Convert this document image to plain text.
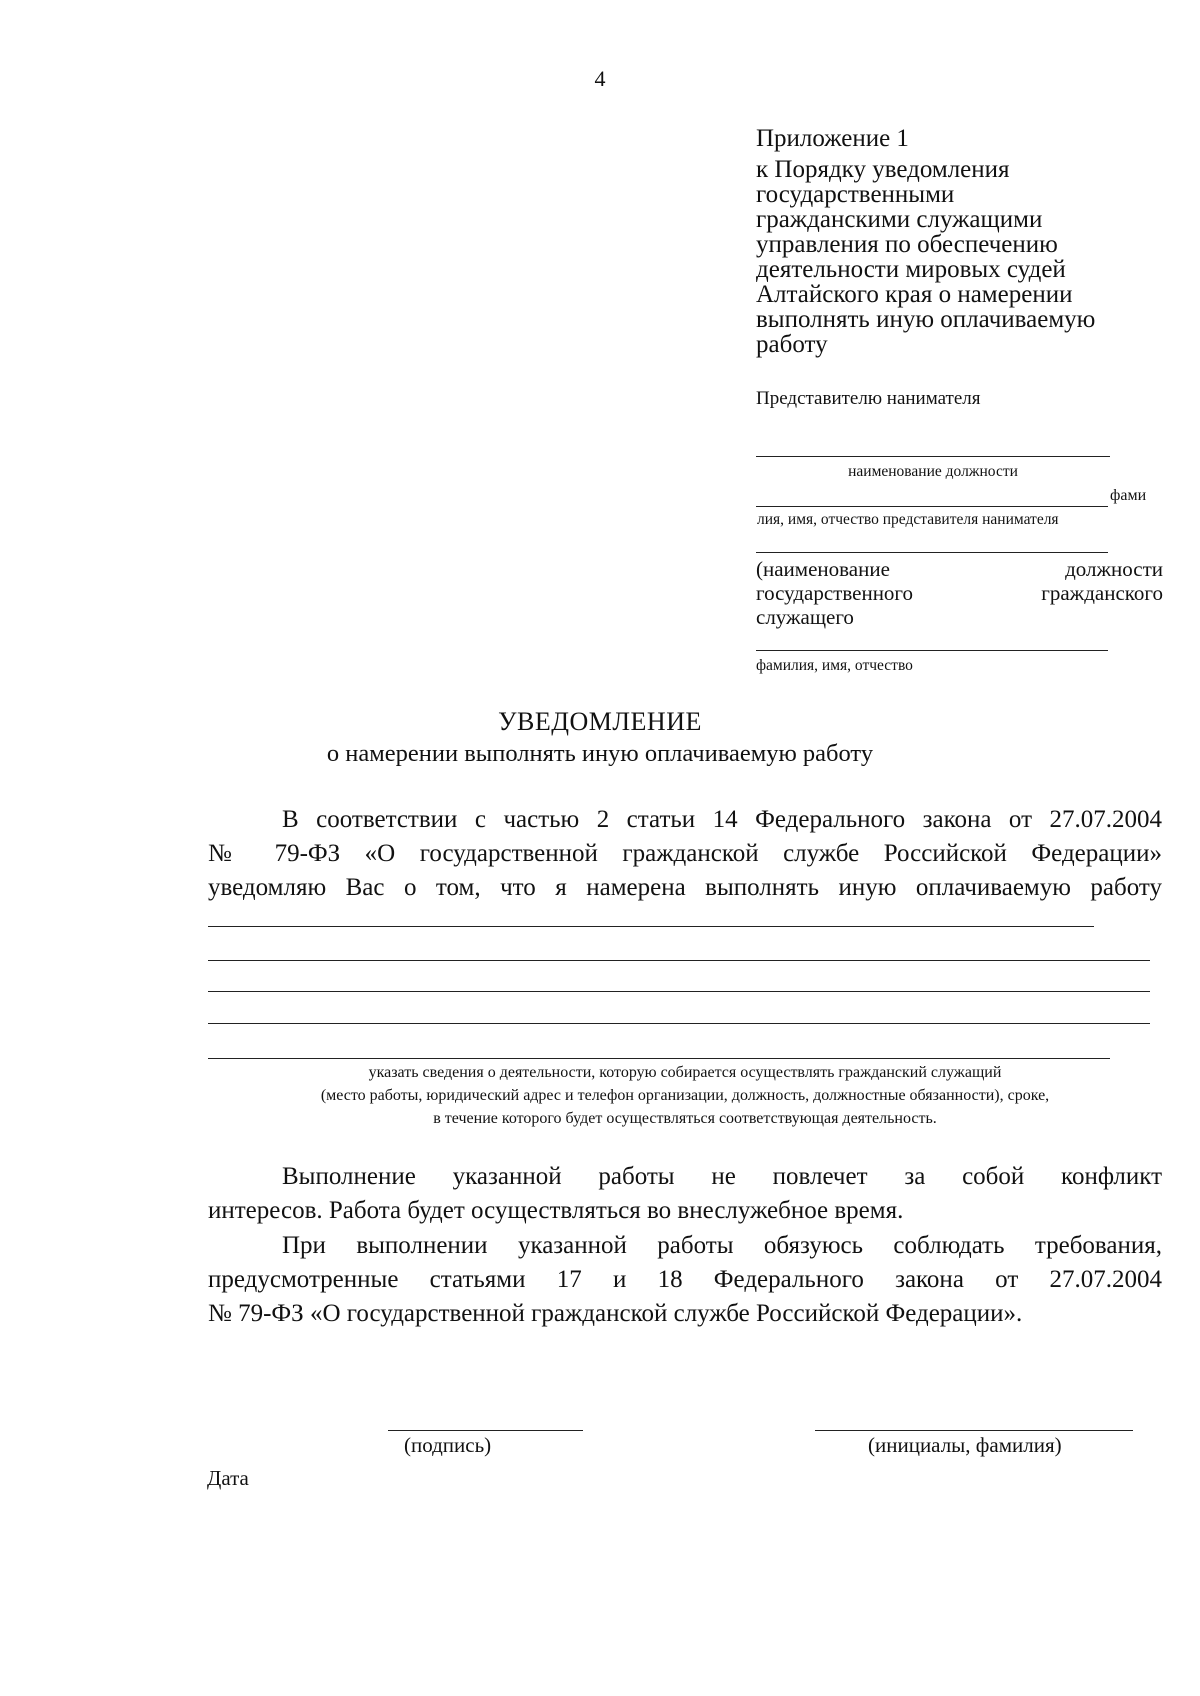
4
Приложение 1
к Порядку уведомления
государственными
гражданскими служащими
управления по обеспечению
деятельности мировых судей
Алтайского края о намерении
выполнять иную оплачиваемую
работу
Представителю нанимателя
наименование должности
фами
лия, имя, отчество представителя нанимателя
(наименование должности
государственного гражданского
служащего
фамилия, имя, отчество
УВЕДОМЛЕНИЕ
о намерении выполнять иную оплачиваемую работу
В соответствии с частью 2 статьи 14 Федерального закона от 27.07.2004
№ 79-ФЗ «О государственной гражданской службе Российской Федерации»
уведомляю Вас о том, что я намерена выполнять иную оплачиваемую работу
указать сведения о деятельности, которую собирается осуществлять гражданский служащий
(место работы, юридический адрес и телефон организации, должность, должностные обязанности), сроке,
в течение которого будет осуществляться соответствующая деятельность.
Выполнение указанной работы не повлечет за собой конфликт
интересов. Работа будет осуществляться во внеслужебное время.
При выполнении указанной работы обязуюсь соблюдать требования,
предусмотренные статьями 17 и 18 Федерального закона от 27.07.2004
№ 79-ФЗ «О государственной гражданской службе Российской Федерации».
(подпись)	(инициалы, фамилия)
Дата
